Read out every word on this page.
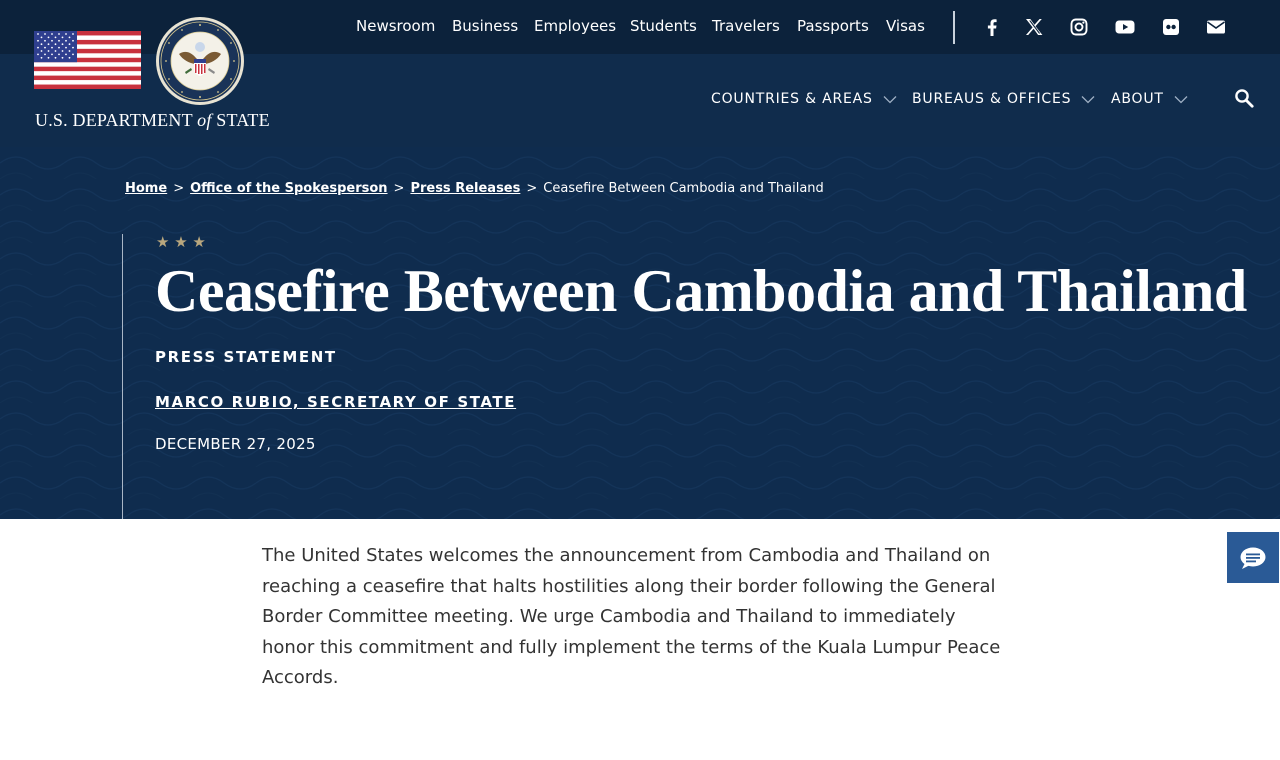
Newsroom Business Employees Students Travelers Passports Visas
U.S. DEPARTMENT of STATE
COUNTRIES & AREAS	BUREAUS & OFFICES	ABOUT
Home > Office of the Spokesperson > Press Releases > Ceasefire Between Cambodia and Thailand
★ ★ ★
Ceasefire Between Cambodia and Thailand
PRESS STATEMENT
MARCO RUBIO, SECRETARY OF STATE
DECEMBER 27, 2025

The United States welcomes the announcement from Cambodia and Thailand on reaching a ceasefire that halts hostilities along their border following the General Border Committee meeting. We urge Cambodia and Thailand to immediately honor this commitment and fully implement the terms of the Kuala Lumpur Peace Accords.
